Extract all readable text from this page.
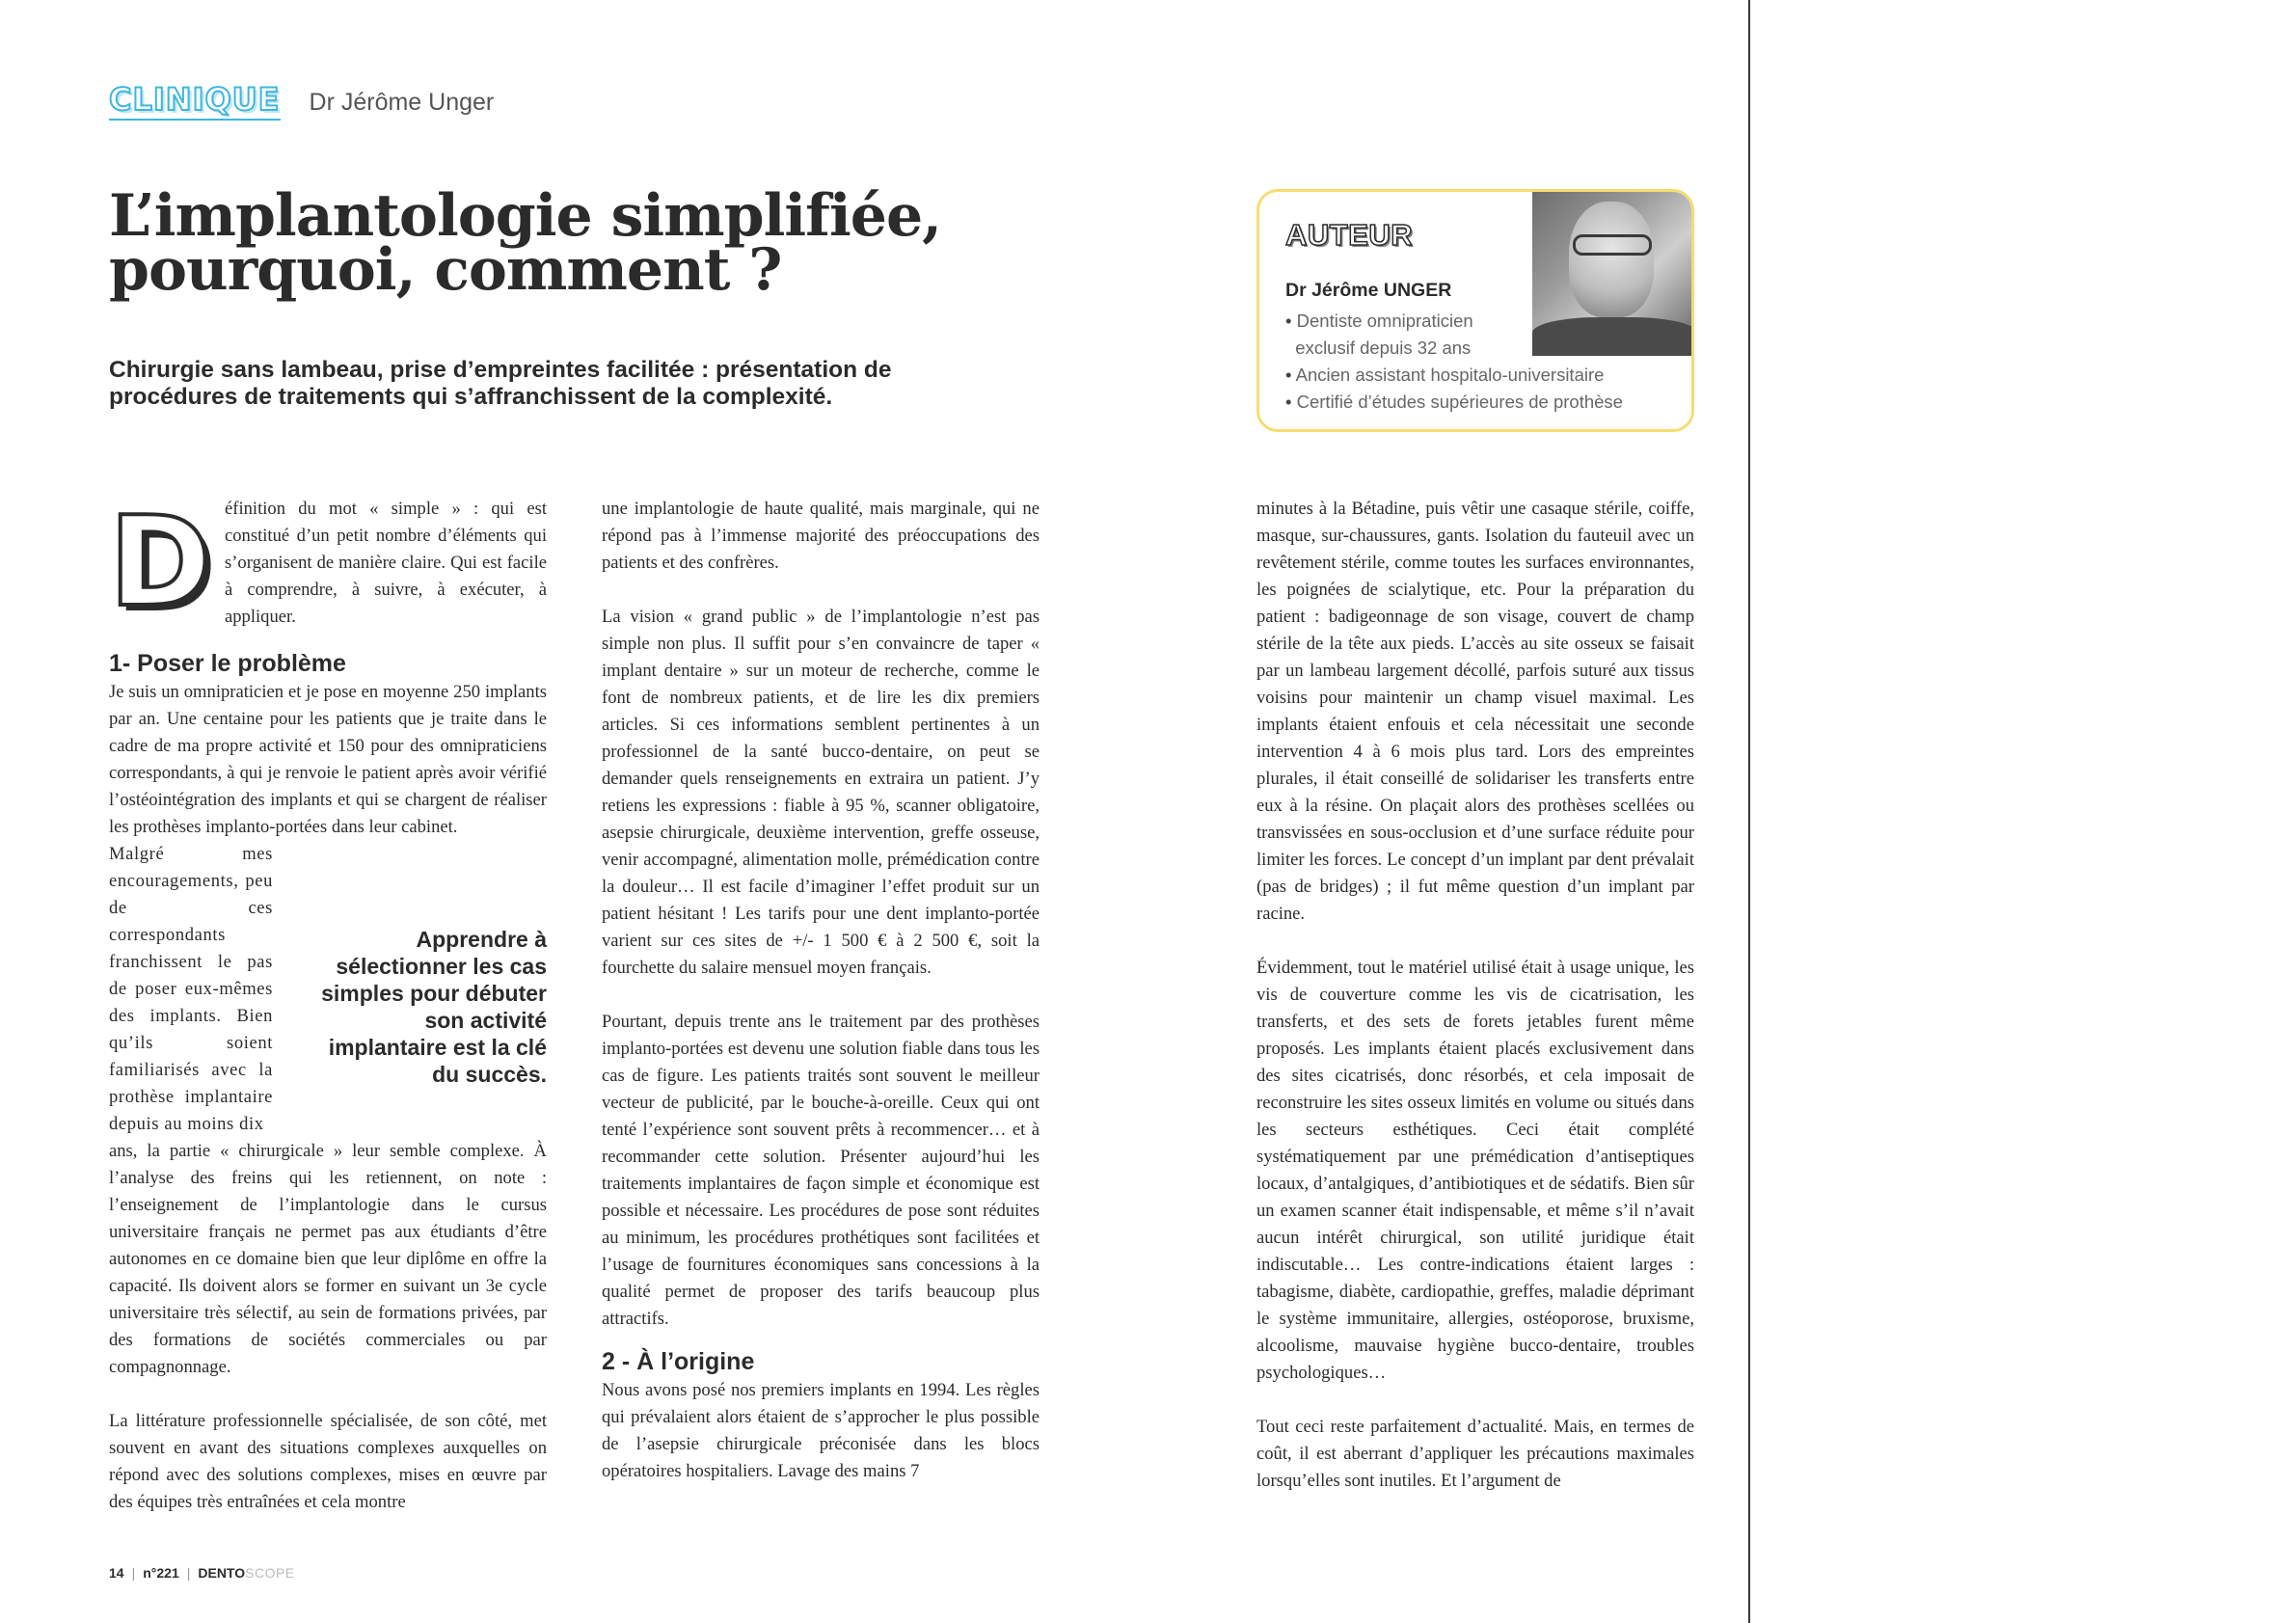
CLINIQUE Dr Jérôme Unger
L’implantologie simplifiée, pourquoi, comment ?

Chirurgie sans lambeau, prise d’empreintes facilitée : présentation de procédures de traitements qui s’affranchissent de la complexité.

AUTEUR
Dr Jérôme UNGER
• Dentiste omnipraticien
exclusif depuis 32 ans
• Ancien assistant hospitalo-universitaire
• Certifié d’études supérieures de prothèse
D éfinition du mot « simple » : qui est constitué d’un petit nombre d’éléments qui s’organisent de manière claire. Qui est facile à comprendre, à suivre, à exécuter, à appliquer.

1- Poser le problème

Je suis un omnipraticien et je pose en moyenne 250 implants par an. Une centaine pour les patients que je traite dans le cadre de ma propre activité et 150 pour des omnipraticiens correspondants, à qui je renvoie le patient après avoir vérifié l’ostéointégration des implants et qui se chargent de réaliser les prothèses implanto-portées dans leur cabinet.

Malgré mes encouragements, peu de ces correspondants franchissent le pas de poser eux-mêmes des implants. Bien qu’ils soient familiarisés avec la prothèse implantaire depuis au moins dix

ans, la partie « chirurgicale » leur semble complexe. À l’analyse des freins qui les retiennent, on note : l’enseignement de l’implantologie dans le cursus universitaire français ne permet pas aux étudiants d’être autonomes en ce domaine bien que leur diplôme en offre la capacité. Ils doivent alors se former en suivant un 3e cycle universitaire très sélectif, au sein de formations privées, par des formations de sociétés commerciales ou par compagnonnage.

La littérature professionnelle spécialisée, de son côté, met souvent en avant des situations complexes auxquelles on répond avec des solutions complexes, mises en œuvre par des équipes très entraînées et cela montre

Apprendre à sélectionner les cas simples pour débuter son activité implantaire est la clé du succès.

une implantologie de haute qualité, mais marginale, qui ne répond pas à l’immense majorité des préoccupations des patients et des confrères.

La vision « grand public » de l’implantologie n’est pas simple non plus. Il suffit pour s’en convaincre de taper « implant dentaire » sur un moteur de recherche, comme le font de nombreux patients, et de lire les dix premiers articles. Si ces informations semblent pertinentes à un professionnel de la santé bucco-dentaire, on peut se demander quels renseignements en extraira un patient. J’y retiens les expressions : fiable à 95 %, scanner obligatoire, asepsie chirurgicale, deuxième intervention, greffe osseuse, venir accompagné, alimentation molle, prémédication contre la douleur… Il est facile d’imaginer l’effet produit sur un patient hésitant ! Les tarifs pour une dent implanto-portée varient sur ces sites de +/- 1 500 € à 2 500 €, soit la fourchette du salaire mensuel moyen français.

Pourtant, depuis trente ans le traitement par des prothèses implanto-portées est devenu une solution fiable dans tous les cas de figure. Les patients traités sont souvent le meilleur vecteur de publicité, par le bouche-à-oreille. Ceux qui ont tenté l’expérience sont souvent prêts à recommencer… et à recommander cette solution. Présenter aujourd’hui les traitements implantaires de façon simple et économique est possible et nécessaire. Les procédures de pose sont réduites au minimum, les procédures prothétiques sont facilitées et l’usage de fournitures économiques sans concessions à la qualité permet de proposer des tarifs beaucoup plus attractifs.

2 - À l’origine

Nous avons posé nos premiers implants en 1994. Les règles qui prévalaient alors étaient de s’approcher le plus possible de l’asepsie chirurgicale préconisée dans les blocs opératoires hospitaliers. Lavage des mains 7

minutes à la Bétadine, puis vêtir une casaque stérile, coiffe, masque, sur-chaussures, gants. Isolation du fauteuil avec un revêtement stérile, comme toutes les surfaces environnantes, les poignées de scialytique, etc. Pour la préparation du patient : badigeonnage de son visage, couvert de champ stérile de la tête aux pieds. L’accès au site osseux se faisait par un lambeau largement décollé, parfois suturé aux tissus voisins pour maintenir un champ visuel maximal. Les implants étaient enfouis et cela nécessitait une seconde intervention 4 à 6 mois plus tard. Lors des empreintes plurales, il était conseillé de solidariser les transferts entre eux à la résine. On plaçait alors des prothèses scellées ou transvissées en sous-occlusion et d’une surface réduite pour limiter les forces. Le concept d’un implant par dent prévalait (pas de bridges) ; il fut même question d’un implant par racine.

Évidemment, tout le matériel utilisé était à usage unique, les vis de couverture comme les vis de cicatrisation, les transferts, et des sets de forets jetables furent même proposés. Les implants étaient placés exclusivement dans des sites cicatrisés, donc résorbés, et cela imposait de reconstruire les sites osseux limités en volume ou situés dans les secteurs esthétiques. Ceci était complété systématiquement par une prémédication d’antiseptiques locaux, d’antalgiques, d’antibiotiques et de sédatifs. Bien sûr un examen scanner était indispensable, et même s’il n’avait aucun intérêt chirurgical, son utilité juridique était indiscutable… Les contre-indications étaient larges : tabagisme, diabète, cardiopathie, greffes, maladie déprimant le système immunitaire, allergies, ostéoporose, bruxisme, alcoolisme, mauvaise hygiène bucco-dentaire, troubles psychologiques…

Tout ceci reste parfaitement d’actualité. Mais, en termes de coût, il est aberrant d’appliquer les précautions maximales lorsqu’elles sont inutiles. Et l’argument de

14 | n°221 | DENTOSCOPE
